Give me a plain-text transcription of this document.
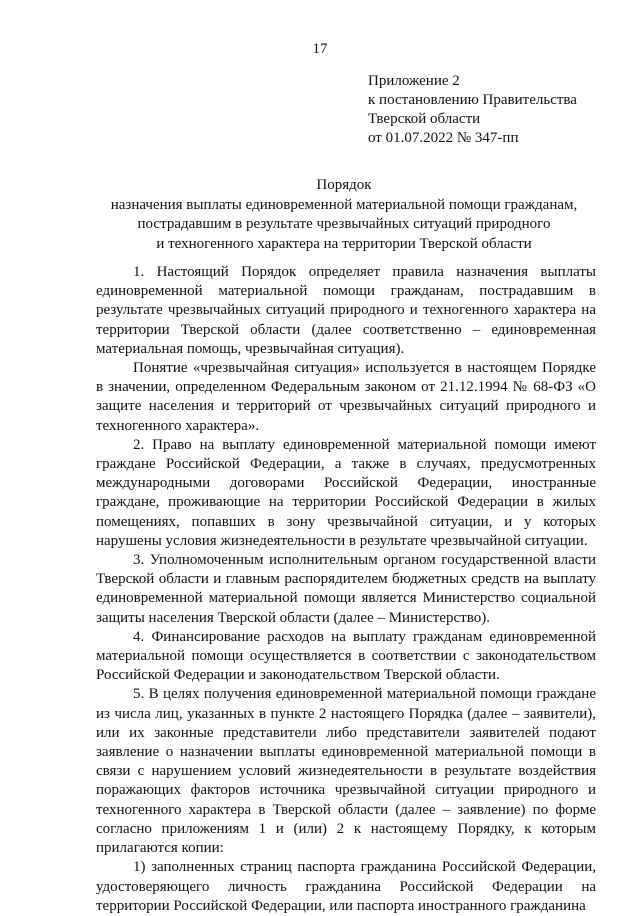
17
Приложение 2
к постановлению Правительства
Тверской области
от 01.07.2022 № 347-пп
Порядок
назначения выплаты единовременной материальной помощи гражданам,
пострадавшим в результате чрезвычайных ситуаций природного
и техногенного характера на территории Тверской области

1. Настоящий Порядок определяет правила назначения выплаты единовременной материальной помощи гражданам, пострадавшим в результате чрезвычайных ситуаций природного и техногенного характера на территории Тверской области (далее соответственно – единовременная материальная помощь, чрезвычайная ситуация).

Понятие «чрезвычайная ситуация» используется в настоящем Порядке в значении, определенном Федеральным законом от 21.12.1994 № 68-ФЗ «О защите населения и территорий от чрезвычайных ситуаций природного и техногенного характера».

2. Право на выплату единовременной материальной помощи имеют граждане Российской Федерации, а также в случаях, предусмотренных международными договорами Российской Федерации, иностранные граждане, проживающие на территории Российской Федерации в жилых помещениях, попавших в зону чрезвычайной ситуации, и у которых нарушены условия жизнедеятельности в результате чрезвычайной ситуации.

3. Уполномоченным исполнительным органом государственной власти Тверской области и главным распорядителем бюджетных средств на выплату единовременной материальной помощи является Министерство социальной защиты населения Тверской области (далее – Министерство).

4. Финансирование расходов на выплату гражданам единовременной материальной помощи осуществляется в соответствии с законодательством Российской Федерации и законодательством Тверской области.

5. В целях получения единовременной материальной помощи граждане из числа лиц, указанных в пункте 2 настоящего Порядка (далее – заявители), или их законные представители либо представители заявителей подают заявление о назначении выплаты единовременной материальной помощи в связи с нарушением условий жизнедеятельности в результате воздействия поражающих факторов источника чрезвычайной ситуации природного и техногенного характера в Тверской области (далее – заявление) по форме согласно приложениям 1 и (или) 2 к настоящему Порядку, к которым прилагаются копии:

1) заполненных страниц паспорта гражданина Российской Федерации, удостоверяющего личность гражданина Российской Федерации на территории Российской Федерации, или паспорта иностранного гражданина
